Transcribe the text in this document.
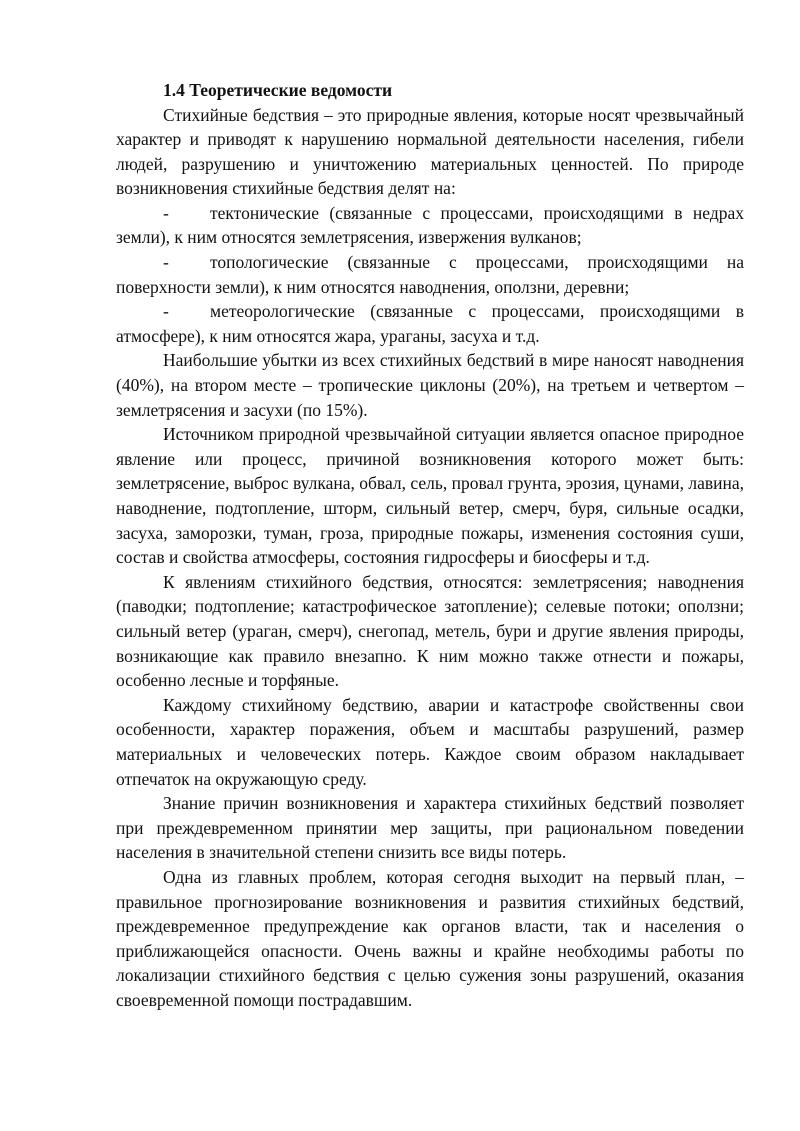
1.4 Теоретические ведомости

Стихийные бедствия – это природные явления, которые носят чрезвычайный характер и приводят к нарушению нормальной деятельности населения, гибели людей, разрушению и уничтожению материальных ценностей. По природе возникновения стихийные бедствия делят на:

- тектонические (связанные с процессами, происходящими в недрах земли), к ним относятся землетрясения, извержения вулканов;

- топологические (связанные с процессами, происходящими на поверхности земли), к ним относятся наводнения, оползни, деревни;

- метеорологические (связанные с процессами, происходящими в атмосфере), к ним относятся жара, ураганы, засуха и т.д.

Наибольшие убытки из всех стихийных бедствий в мире наносят наводнения (40%), на втором месте – тропические циклоны (20%), на третьем и четвертом – землетрясения и засухи (по 15%).

Источником природной чрезвычайной ситуации является опасное природное явление или процесс, причиной возникновения которого может быть: землетрясение, выброс вулкана, обвал, сель, провал грунта, эрозия, цунами, лавина, наводнение, подтопление, шторм, сильный ветер, смерч, буря, сильные осадки, засуха, заморозки, туман, гроза, природные пожары, изменения состояния суши, состав и свойства атмосферы, состояния гидросферы и биосферы и т.д.

К явлениям стихийного бедствия, относятся: землетрясения; наводнения (паводки; подтопление; катастрофическое затопление); селевые потоки; оползни; сильный ветер (ураган, смерч), снегопад, метель, бури и другие явления природы, возникающие как правило внезапно. К ним можно также отнести и пожары, особенно лесные и торфяные.

Каждому стихийному бедствию, аварии и катастрофе свойственны свои особенности, характер поражения, объем и масштабы разрушений, размер материальных и человеческих потерь. Каждое своим образом накладывает отпечаток на окружающую среду.

Знание причин возникновения и характера стихийных бедствий позволяет при преждевременном принятии мер защиты, при рациональном поведении населения в значительной степени снизить все виды потерь.

Одна из главных проблем, которая сегодня выходит на первый план, – правильное прогнозирование возникновения и развития стихийных бедствий, преждевременное предупреждение как органов власти, так и населения о приближающейся опасности. Очень важны и крайне необходимы работы по локализации стихийного бедствия с целью сужения зоны разрушений, оказания своевременной помощи пострадавшим.
